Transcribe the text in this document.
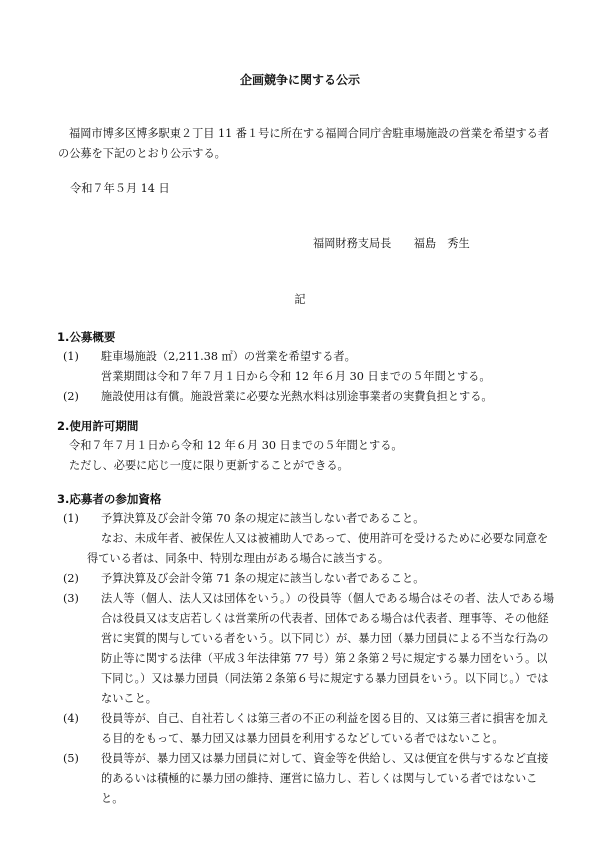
企画競争に関する公示
福岡市博多区博多駅東２丁目 11 番１号に所在する福岡合同庁舎駐車場施設の営業を希望する者の公募を下記のとおり公示する。
令和７年５月 14 日
福岡財務支局長　　 福島　秀生
記
1.公募概要
(1)	駐車場施設（2,211.38 ㎡）の営業を希望する者。
営業期間は令和７年７月１日から令和 12 年６月 30 日までの５年間とする。
(2)	施設使用は有償。施設営業に必要な光熱水料は別途事業者の実費負担とする。
2.使用許可期間
令和７年７月１日から令和 12 年６月 30 日までの５年間とする。
ただし、必要に応じ一度に限り更新することができる。
3.応募者の参加資格
(1)	予算決算及び会計令第 70 条の規定に該当しない者であること。
なお、未成年者、被保佐人又は被補助人であって、使用許可を受けるために必要な同意を得ている者は、同条中、特別な理由がある場合に該当する。
(2)	予算決算及び会計令第 71 条の規定に該当しない者であること。
(3)	法人等（個人、法人又は団体をいう。）の役員等（個人である場合はその者、法人である場合は役員又は支店若しくは営業所の代表者、団体である場合は代表者、理事等、その他経営に実質的関与している者をいう。以下同じ）が、暴力団（暴力団員による不当な行為の防止等に関する法律（平成３年法律第 77 号）第２条第２号に規定する暴力団をいう。以下同じ。）又は暴力団員（同法第２条第６号に規定する暴力団員をいう。以下同じ。）ではないこと。
(4)	役員等が、自己、自社若しくは第三者の不正の利益を図る目的、又は第三者に損害を加える目的をもって、暴力団又は暴力団員を利用するなどしている者ではないこと。
(5)	役員等が、暴力団又は暴力団員に対して、資金等を供給し、又は便宜を供与するなど直接的あるいは積極的に暴力団の維持、運営に協力し、若しくは関与している者ではないこと。
